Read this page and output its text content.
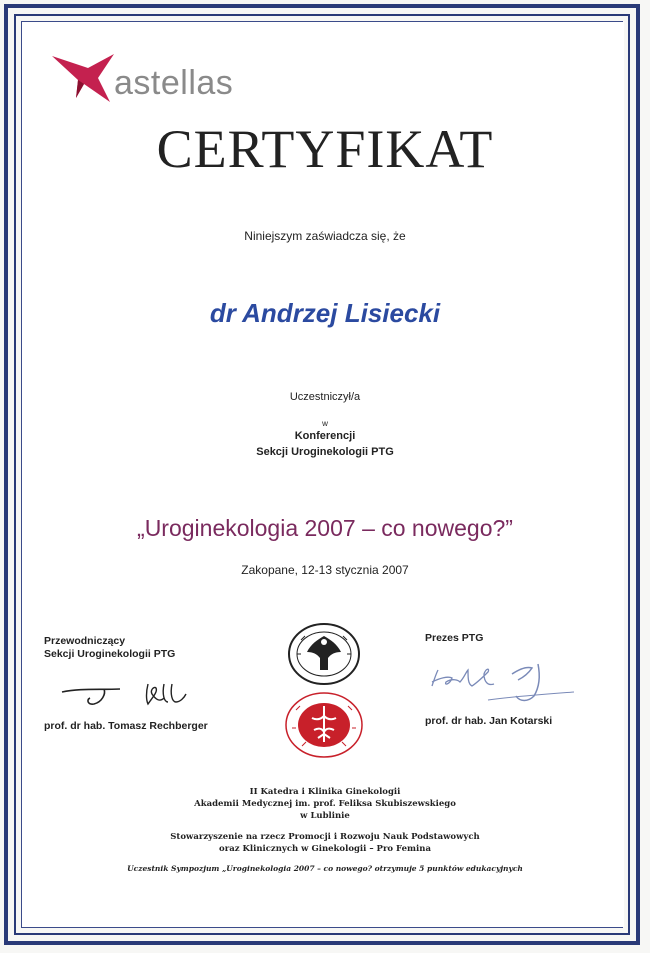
astellas
CERTYFIKAT
Niniejszym zaświadcza się, że
dr Andrzej Lisiecki
Uczestniczył/a
w
Konferencji
Sekcji Uroginekologii PTG
„Uroginekologia 2007 – co nowego?”
Zakopane, 12-13 stycznia 2007
Przewodniczący
Sekcji Uroginekologii PTG
Prezes PTG
prof. dr hab. Tomasz Rechberger	prof. dr hab. Jan Kotarski
II Katedra i Klinika Ginekologii
Akademii Medycznej im. prof. Feliksa Skubiszewskiego
w Lublinie
Stowarzyszenie na rzecz Promocji i Rozwoju Nauk Podstawowych
oraz Klinicznych w Ginekologii – Pro Femina
Uczestnik Sympozjum „Uroginekologia 2007 – co nowego? otrzymuje 5 punktów edukacyjnych
